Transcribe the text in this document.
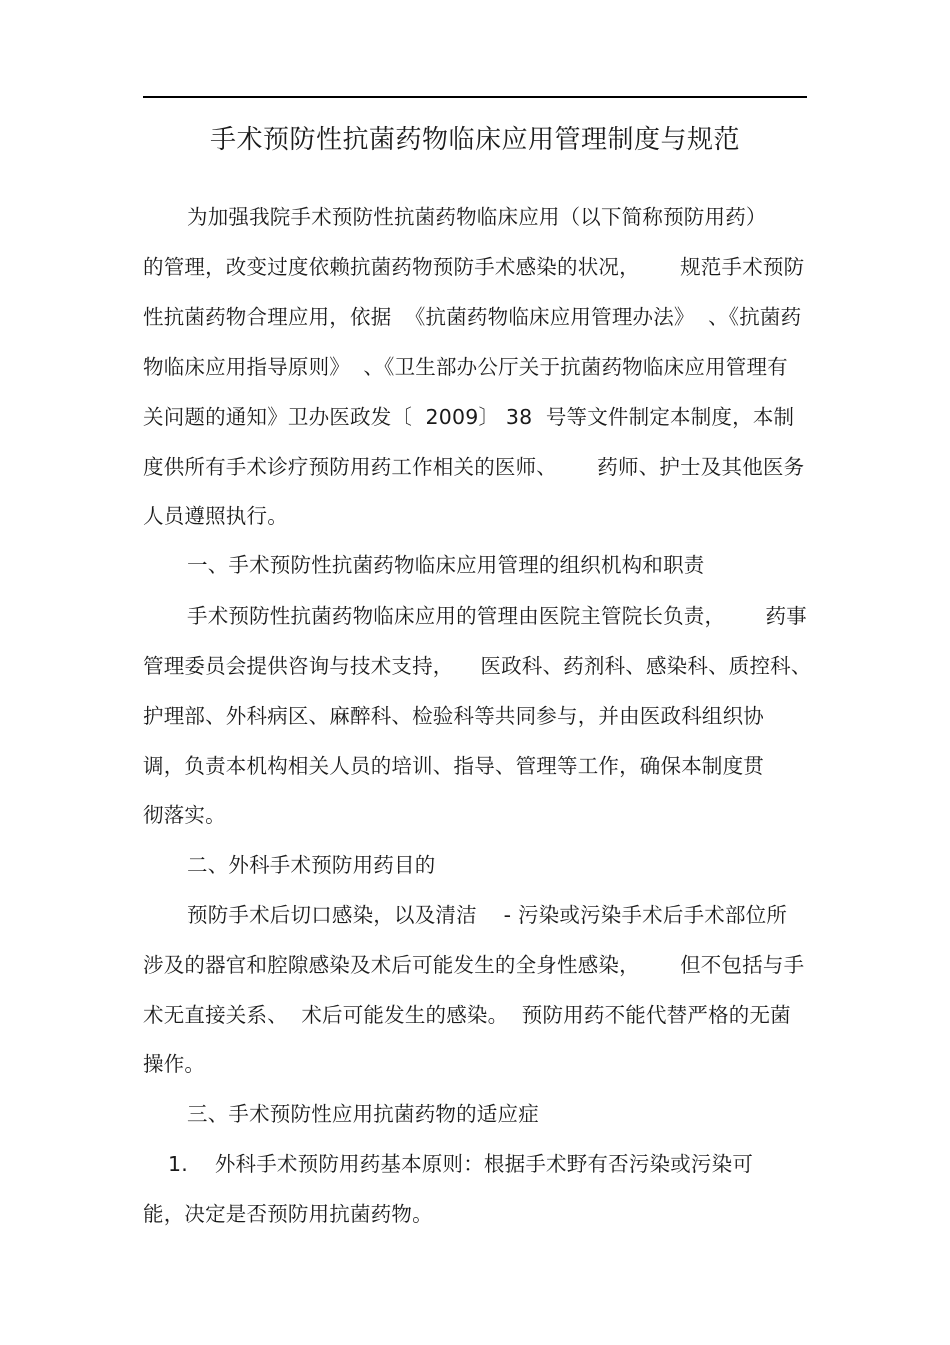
手术预防性抗菌药物临床应用管理制度与规范
为加强我院手术预防性抗菌药物临床应用（以下简称预防用药）
的管理，改变过度依赖抗菌药物预防手术感染的状况，      规范手术预防
性抗菌药物合理应用，依据  《抗菌药物临床应用管理办法》  、《抗菌药
物临床应用指导原则》  、《卫生部办公厅关于抗菌药物临床应用管理有
关问题的通知》卫办医政发〔  2009〕 38  号等文件制定本制度，本制
度供所有手术诊疗预防用药工作相关的医师、      药师、护士及其他医务
人员遵照执行。
一、手术预防性抗菌药物临床应用管理的组织机构和职责
手术预防性抗菌药物临床应用的管理由医院主管院长负责，      药事
管理委员会提供咨询与技术支持，    医政科、药剂科、感染科、质控科、
护理部、外科病区、麻醉科、检验科等共同参与，并由医政科组织协
调，负责本机构相关人员的培训、指导、管理等工作，确保本制度贯
彻落实。
二、外科手术预防用药目的
预防手术后切口感染，以及清洁    - 污染或污染手术后手术部位所
涉及的器官和腔隙感染及术后可能发生的全身性感染，      但不包括与手
术无直接关系、  术后可能发生的感染。  预防用药不能代替严格的无菌
操作。
三、手术预防性应用抗菌药物的适应症
1.    外科手术预防用药基本原则：根据手术野有否污染或污染可
能，决定是否预防用抗菌药物。
